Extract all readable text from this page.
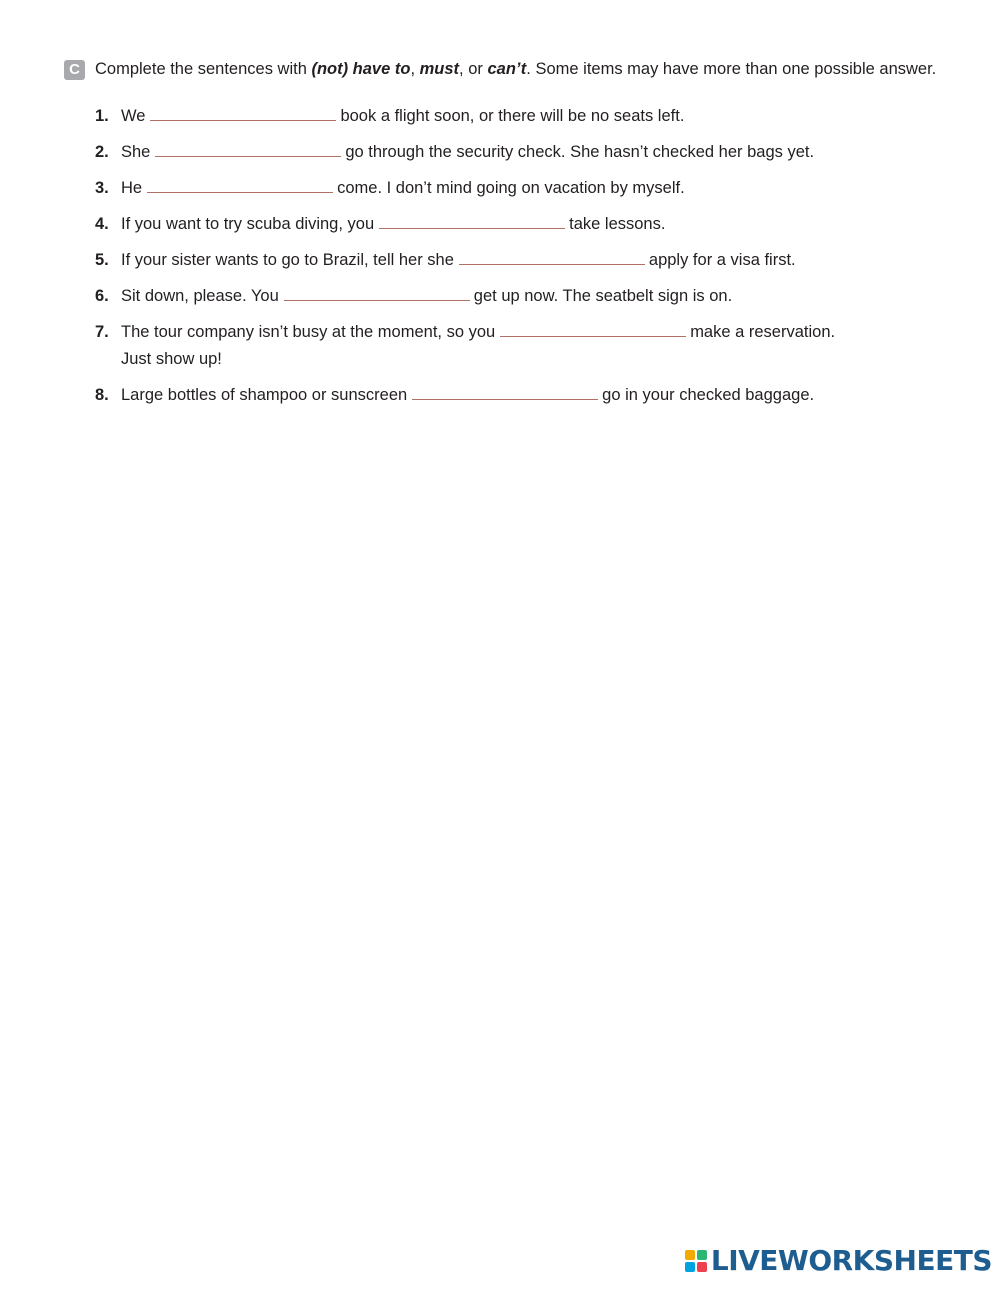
C Complete the sentences with (not) have to, must, or can’t. Some items may have more than one possible answer.
1. We	book a flight soon, or there will be no seats left.
2. She	go through the security check. She hasn’t checked her bags yet.
3. He	come. I don’t mind going on vacation by myself.
4. If you want to try scuba diving, you	take lessons.
5. If your sister wants to go to Brazil, tell her she	apply for a visa first.
6. Sit down, please. You	get up now. The seatbelt sign is on.
7. The tour company isn’t busy at the moment, so you	make a reservation.
Just show up!
8. Large bottles of shampoo or sunscreen	go in your checked baggage.
LIVEWORKSHEETS
